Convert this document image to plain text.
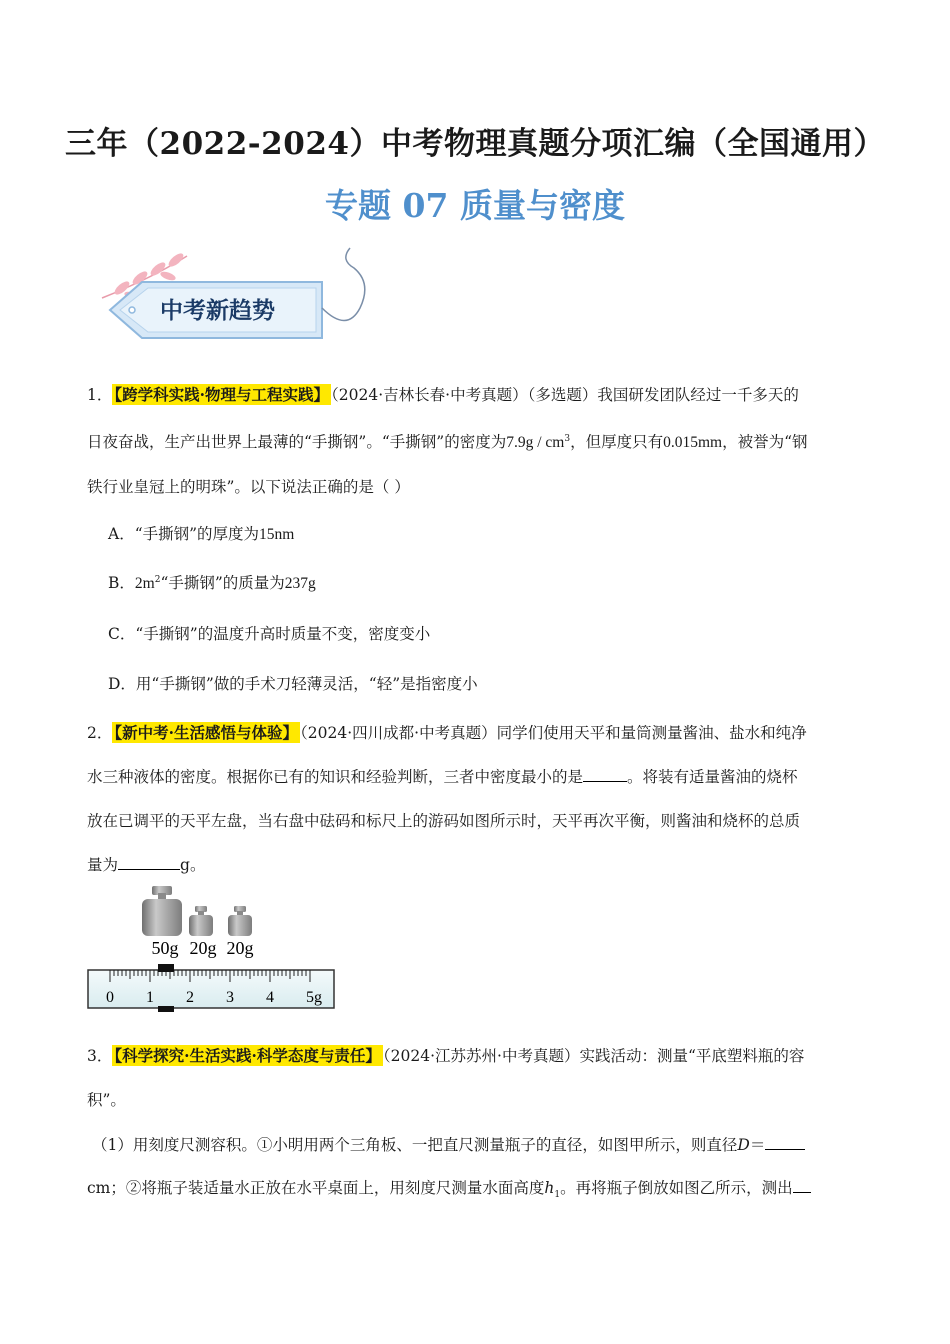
三年（2022-2024）中考物理真题分项汇编（全国通用）
专题 07 质量与密度
中考新趋势
1． 【跨学科实践·物理与工程实践】 （2024·吉林长春·中考真题）（多选题）我国研发团队经过一千多天的
日夜奋战，生产出世界上最薄的“手撕钢”。“手撕钢”的密度为$7.9g / cm^3$，但厚度只有0.015mm，被誉为“钢
铁行业皇冠上的明珠”。以下说法正确的是（ ）
A．“手撕钢”的厚度为15nm
B．$2m^2“$手撕钢”的质量为237g
C．“手撕钢”的温度升高时质量不变，密度变小
D．用“手撕钢”做的手术刀轻薄灵活，“轻”是指密度小
2． 【新中考·生活感悟与体验】 （2024·四川成都·中考真题）同学们使用天平和量筒测量酱油、盐水和纯净
水三种液体的密度。根据你已有的知识和经验判断，三者中密度最小的是	。将装有适量酱油的烧杯
放在已调平的天平左盘，当右盘中砝码和标尺上的游码如图所示时，天平再次平衡，则酱油和烧杯的总质
量为	g。
50g 20g 20g
0 1 2 3 4 5g
3． 【科学探究·生活实践·科学态度与责任】 （2024·江苏苏州·中考真题）实践活动：测量“平底塑料瓶的容
积”。
（1）用刻度尺测容积。①小明用两个三角板、一把直尺测量瓶子的直径，如图甲所示，则直径D＝
cm；②将瓶子装适量水正放在水平桌面上，用刻度尺测量水面高度$h_1$。再将瓶子倒放如图乙所示，测出
